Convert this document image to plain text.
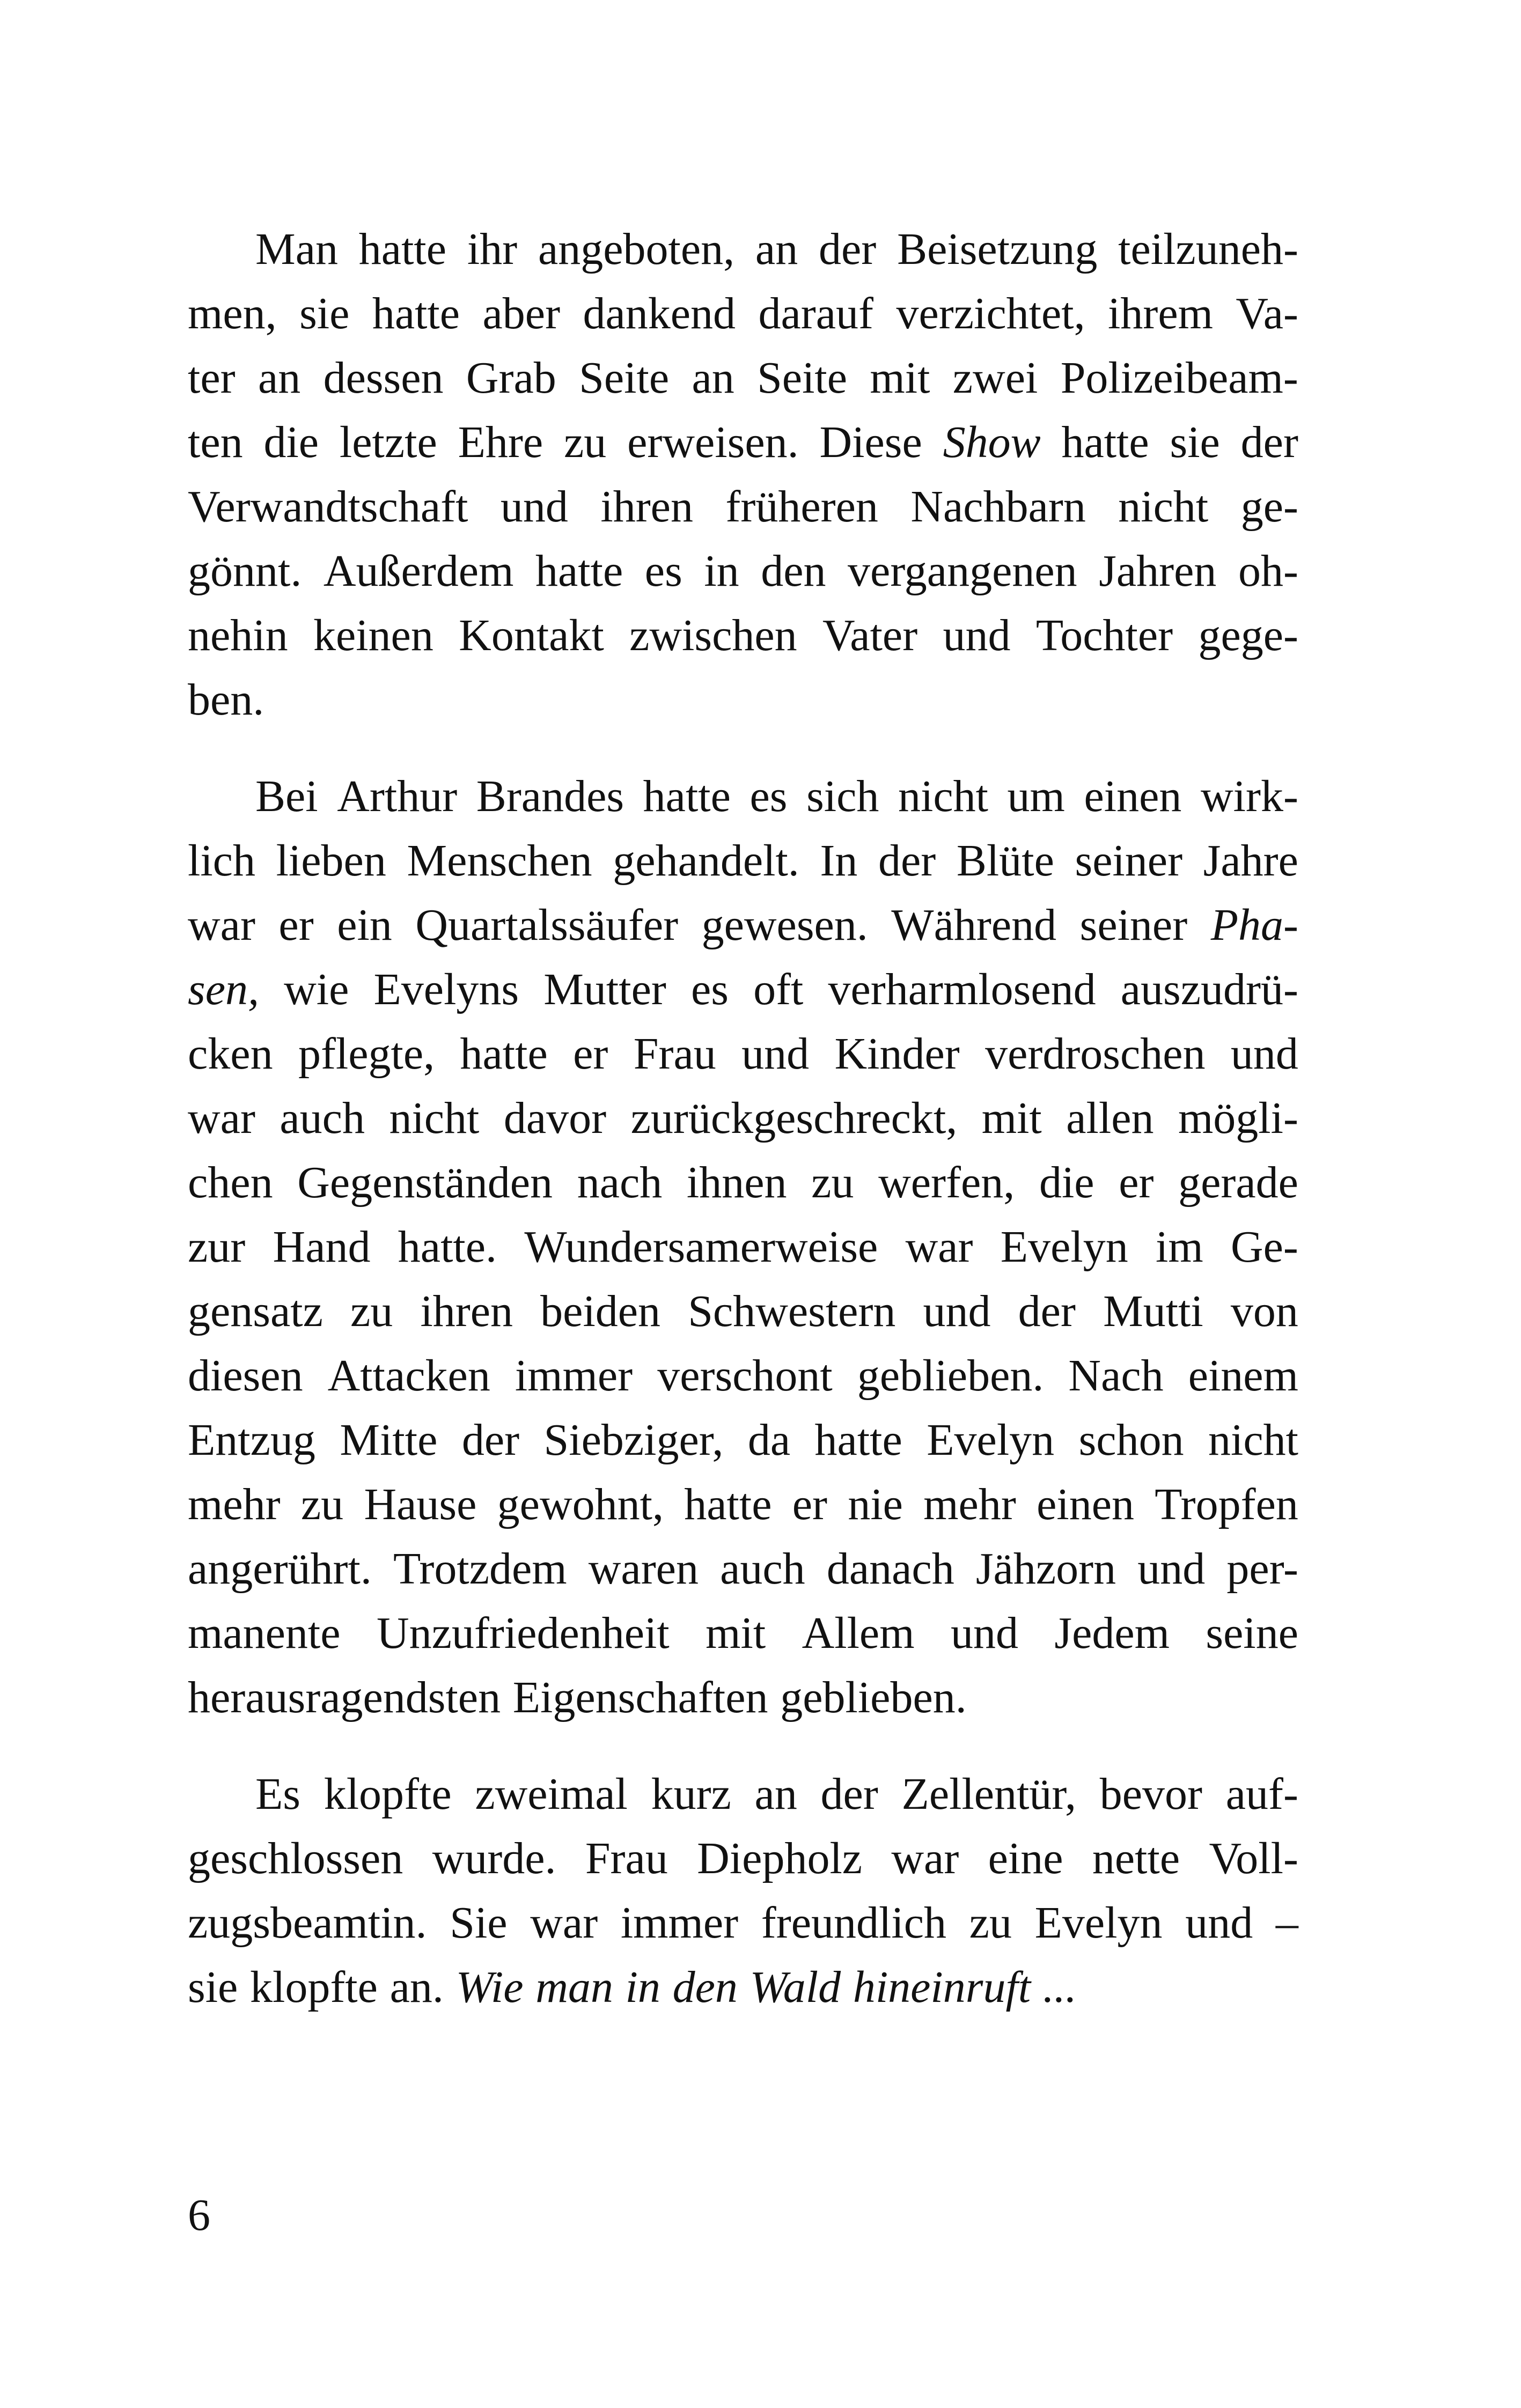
Man hatte ihr angeboten, an der Beisetzung teilzuneh-
men, sie hatte aber dankend darauf verzichtet, ihrem Va-
ter an dessen Grab Seite an Seite mit zwei Polizeibeam-
ten die letzte Ehre zu erweisen. Diese Show hatte sie der
Verwandtschaft und ihren früheren Nachbarn nicht ge-
gönnt. Außerdem hatte es in den vergangenen Jahren oh-
nehin keinen Kontakt zwischen Vater und Tochter gege-
ben.
Bei Arthur Brandes hatte es sich nicht um einen wirk-
lich lieben Menschen gehandelt. In der Blüte seiner Jahre
war er ein Quartalssäufer gewesen. Während seiner Pha-
sen, wie Evelyns Mutter es oft verharmlosend auszudrü-
cken pflegte, hatte er Frau und Kinder verdroschen und
war auch nicht davor zurückgeschreckt, mit allen mögli-
chen Gegenständen nach ihnen zu werfen, die er gerade
zur Hand hatte. Wundersamerweise war Evelyn im Ge-
gensatz zu ihren beiden Schwestern und der Mutti von
diesen Attacken immer verschont geblieben. Nach einem
Entzug Mitte der Siebziger, da hatte Evelyn schon nicht
mehr zu Hause gewohnt, hatte er nie mehr einen Tropfen
angerührt. Trotzdem waren auch danach Jähzorn und per-
manente Unzufriedenheit mit Allem und Jedem seine
herausragendsten Eigenschaften geblieben.
Es klopfte zweimal kurz an der Zellentür, bevor auf-
geschlossen wurde. Frau Diepholz war eine nette Voll-
zugsbeamtin. Sie war immer freundlich zu Evelyn und –
sie klopfte an. Wie man in den Wald hineinruft ...
6
